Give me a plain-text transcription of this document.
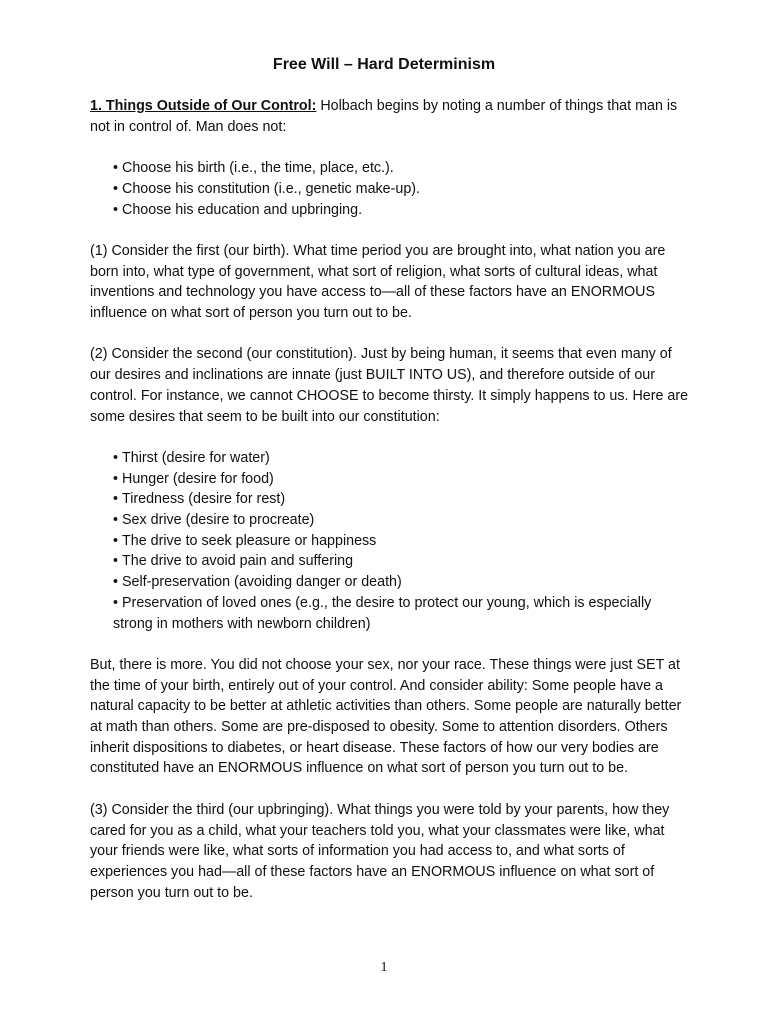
Free Will – Hard Determinism

1. Things Outside of Our Control: Holbach begins by noting a number of things that man is not in control of. Man does not:

• Choose his birth (i.e., the time, place, etc.).
• Choose his constitution (i.e., genetic make-up).
• Choose his education and upbringing.

(1) Consider the first (our birth). What time period you are brought into, what nation you are born into, what type of government, what sort of religion, what sorts of cultural ideas, what inventions and technology you have access to—all of these factors have an ENORMOUS influence on what sort of person you turn out to be.

(2) Consider the second (our constitution). Just by being human, it seems that even many of our desires and inclinations are innate (just BUILT INTO US), and therefore outside of our control. For instance, we cannot CHOOSE to become thirsty. It simply happens to us. Here are some desires that seem to be built into our constitution:

• Thirst (desire for water)
• Hunger (desire for food)
• Tiredness (desire for rest)
• Sex drive (desire to procreate)
• The drive to seek pleasure or happiness
• The drive to avoid pain and suffering
• Self-preservation (avoiding danger or death)
• Preservation of loved ones (e.g., the desire to protect our young, which is especially strong in mothers with newborn children)

But, there is more. You did not choose your sex, nor your race. These things were just SET at the time of your birth, entirely out of your control. And consider ability: Some people have a natural capacity to be better at athletic activities than others. Some people are naturally better at math than others. Some are pre-disposed to obesity. Some to attention disorders. Others inherit dispositions to diabetes, or heart disease. These factors of how our very bodies are constituted have an ENORMOUS influence on what sort of person you turn out to be.

(3) Consider the third (our upbringing). What things you were told by your parents, how they cared for you as a child, what your teachers told you, what your classmates were like, what your friends were like, what sorts of information you had access to, and what sorts of experiences you had—all of these factors have an ENORMOUS influence on what sort of person you turn out to be.

1
